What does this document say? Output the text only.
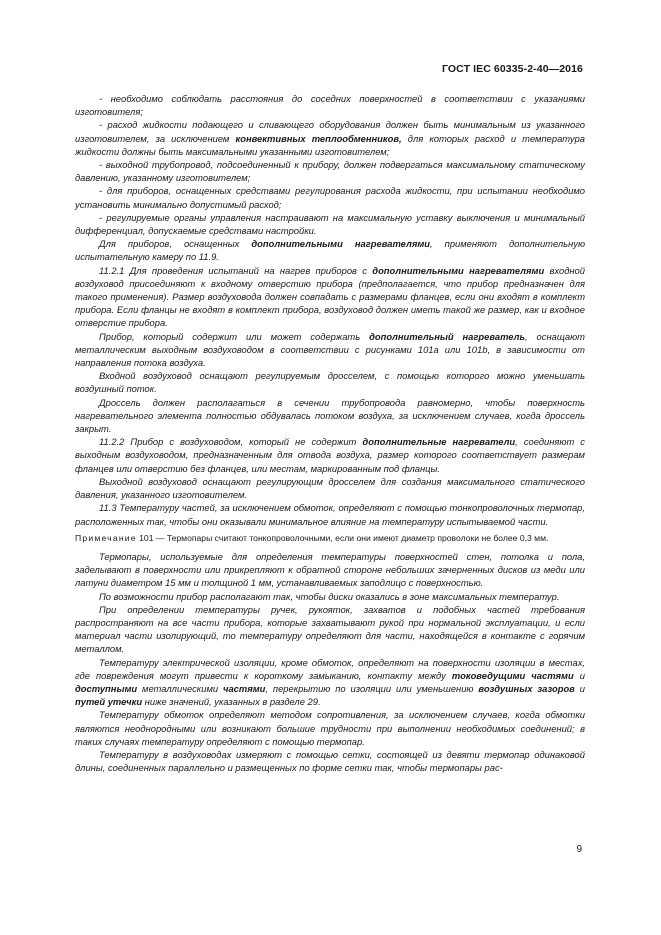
ГОСТ IEC 60335-2-40—2016

- необходимо соблюдать расстояния до соседних поверхностей в соответствии с указаниями изготовителя;

- расход жидкости подающего и сливающего оборудования должен быть минимальным из указанного изготовителем, за исключением конвективных теплообменников, для которых расход и температура жидкости должны быть максимальными указанными изготовителем;

- выходной трубопровод, подсоединенный к прибору, должен подвергаться максимальному статическому давлению, указанному изготовителем;

- для приборов, оснащенных средствами регулирования расхода жидкости, при испытании необходимо установить минимально допустимый расход;

- регулируемые органы управления настраивают на максимальную уставку выключения и минимальный дифференциал, допускаемые средствами настройки.

Для приборов, оснащенных дополнительными нагревателями, применяют дополнительную испытательную камеру по 11.9.

11.2.1 Для проведения испытаний на нагрев приборов с дополнительными нагревателями входной воздуховод присоединяют к входному отверстию прибора (предполагается, что прибор предназначен для такого применения). Размер воздуховода должен совпадать с размерами фланцев, если они входят в комплект прибора. Если фланцы не входят в комплект прибора, воздуховод должен иметь такой же размер, как и входное отверстие прибора.

Прибор, который содержит или может содержать дополнительный нагреватель, оснащают металлическим выходным воздуховодом в соответствии с рисунками 101a или 101b, в зависимости от направления потока воздуха.

Входной воздуховод оснащают регулируемым дросселем, с помощью которого можно уменьшать воздушный поток.

Дроссель должен располагаться в сечении трубопровода равномерно, чтобы поверхность нагревательного элемента полностью обдувалась потоком воздуха, за исключением случаев, когда дроссель закрыт.

11.2.2 Прибор с воздуховодом, который не содержит дополнительные нагреватели, соединяют с выходным воздуховодом, предназначенным для отвода воздуха, размер которого соответствует размерам фланцев или отверстию без фланцев, или местам, маркированным под фланцы.

Выходной воздуховод оснащают регулирующим дросселем для создания максимального статического давления, указанного изготовителем.

11.3 Температуру частей, за исключением обмоток, определяют с помощью тонкопроволочных термопар, расположенных так, чтобы они оказывали минимальное влияние на температуру испытываемой части.

Примечание 101 — Термопары считают тонкопроволочными, если они имеют диаметр проволоки не более 0,3 мм.

Термопары, используемые для определения температуры поверхностей стен, потолка и пола, заделывают в поверхности или прикрепляют к обратной стороне небольших зачерненных дисков из меди или латуни диаметром 15 мм и толщиной 1 мм, устанавливаемых заподлицо с поверхностью.

По возможности прибор располагают так, чтобы диски оказались в зоне максимальных температур.

При определении температуры ручек, рукояток, захватов и подобных частей требования распространяют на все части прибора, которые захватывают рукой при нормальной эксплуатации, и если материал части изолирующий, то температуру определяют для части, находящейся в контакте с горячим металлом.

Температуру электрической изоляции, кроме обмоток, определяют на поверхности изоляции в местах, где повреждения могут привести к короткому замыканию, контакту между токоведущими частями и доступными металлическими частями, перекрытию по изоляции или уменьшению воздушных зазоров и путей утечки ниже значений, указанных в разделе 29.

Температуру обмоток определяют методом сопротивления, за исключением случаев, когда обмотки являются неоднородными или возникают большие трудности при выполнении необходимых соединений; в таких случаях температуру определяют с помощью термопар.

Температуру в воздуховодах измеряют с помощью сетки, состоящей из девяти термопар одинаковой длины, соединенных параллельно и размещенных по форме сетки так, чтобы термопары рас-

9
